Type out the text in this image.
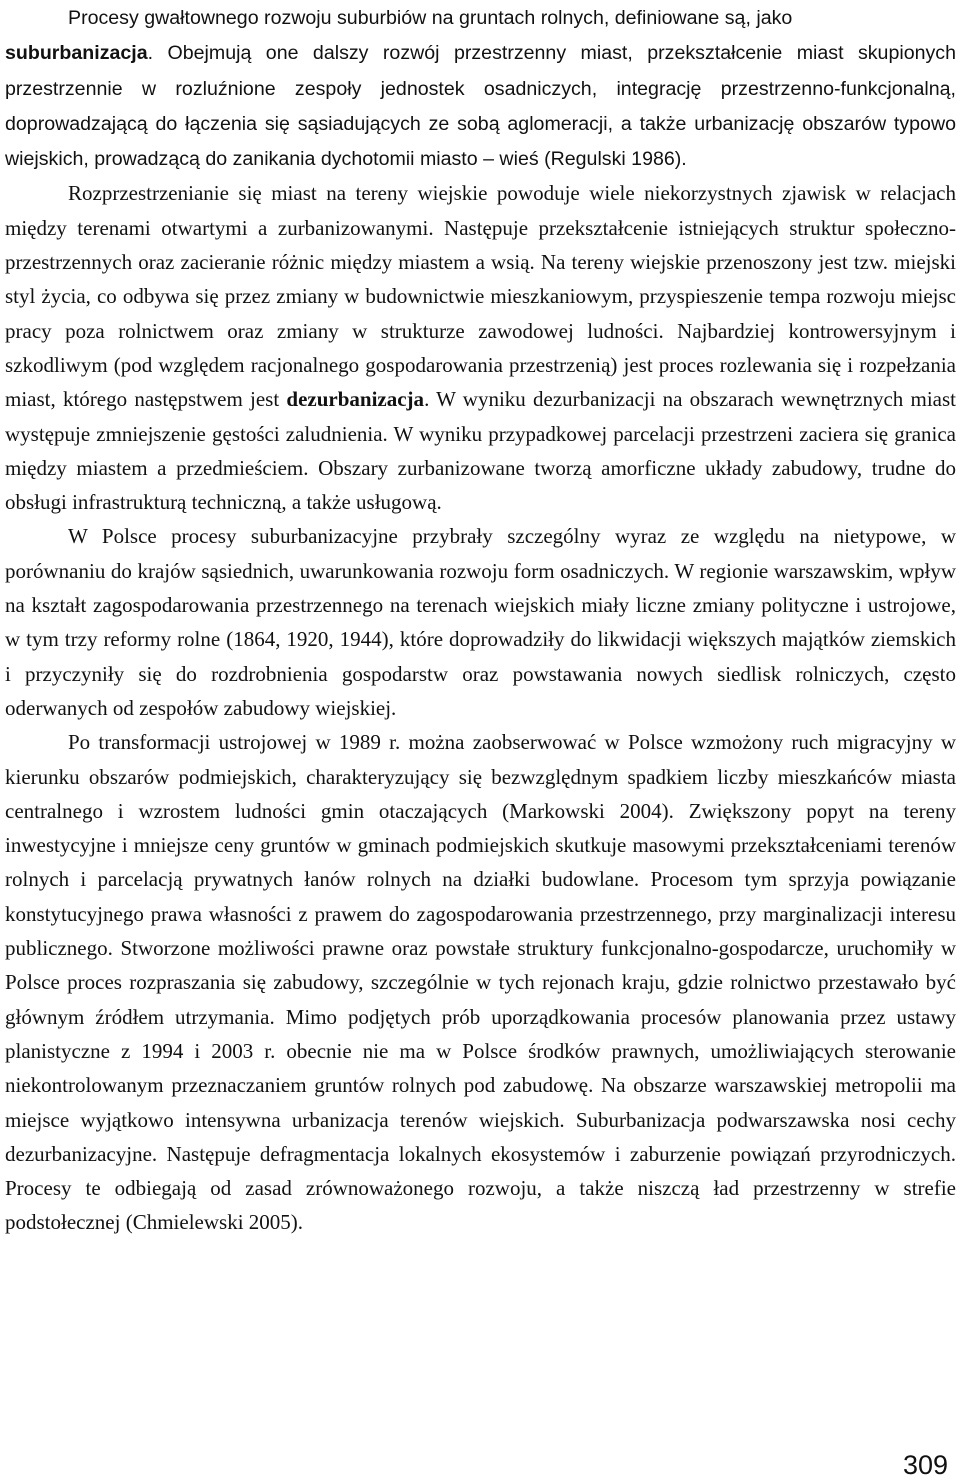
Procesy gwałtownego rozwoju suburbiów na gruntach rolnych, definiowane są, jako
suburbanizacja. Obejmują one dalszy rozwój przestrzenny miast, przekształcenie miast skupionych przestrzennie w rozluźnione zespoły jednostek osadniczych, integrację przestrzenno-funkcjonalną, doprowadzającą do łączenia się sąsiadujących ze sobą aglomeracji, a także urbanizację obszarów typowo wiejskich, prowadzącą do zanikania dychotomii miasto – wieś (Regulski 1986).

Rozprzestrzenianie się miast na tereny wiejskie powoduje wiele niekorzystnych zjawisk w relacjach między terenami otwartymi a zurbanizowanymi. Następuje przekształcenie istniejących struktur społeczno-przestrzennych oraz zacieranie różnic między miastem a wsią. Na tereny wiejskie przenoszony jest tzw. miejski styl życia, co odbywa się przez zmiany w budownictwie mieszkaniowym, przyspieszenie tempa rozwoju miejsc pracy poza rolnictwem oraz zmiany w strukturze zawodowej ludności. Najbardziej kontrowersyjnym i szkodliwym (pod względem racjonalnego gospodarowania przestrzenią) jest proces rozlewania się i rozpełzania miast, którego następstwem jest dezurbanizacja. W wyniku dezurbanizacji na obszarach wewnętrznych miast występuje zmniejszenie gęstości zaludnienia. W wyniku przypadkowej parcelacji przestrzeni zaciera się granica między miastem a przedmieściem. Obszary zurbanizowane tworzą amorficzne układy zabudowy, trudne do obsługi infrastrukturą techniczną, a także usługową.

W Polsce procesy suburbanizacyjne przybrały szczególny wyraz ze względu na nietypowe, w porównaniu do krajów sąsiednich, uwarunkowania rozwoju form osadniczych. W regionie warszawskim, wpływ na kształt zagospodarowania przestrzennego na terenach wiejskich miały liczne zmiany polityczne i ustrojowe, w tym trzy reformy rolne (1864, 1920, 1944), które doprowadziły do likwidacji większych majątków ziemskich i przyczyniły się do rozdrobnienia gospodarstw oraz powstawania nowych siedlisk rolniczych, często oderwanych od zespołów zabudowy wiejskiej.

Po transformacji ustrojowej w 1989 r. można zaobserwować w Polsce wzmożony ruch migracyjny w kierunku obszarów podmiejskich, charakteryzujący się bezwzględnym spadkiem liczby mieszkańców miasta centralnego i wzrostem ludności gmin otaczających (Markowski 2004). Zwiększony popyt na tereny inwestycyjne i mniejsze ceny gruntów w gminach podmiejskich skutkuje masowymi przekształceniami terenów rolnych i parcelacją prywatnych łanów rolnych na działki budowlane. Procesom tym sprzyja powiązanie konstytucyjnego prawa własności z prawem do zagospodarowania przestrzennego, przy marginalizacji interesu publicznego. Stworzone możliwości prawne oraz powstałe struktury funkcjonalno-gospodarcze, uruchomiły w Polsce proces rozpraszania się zabudowy, szczególnie w tych rejonach kraju, gdzie rolnictwo przestawało być głównym źródłem utrzymania. Mimo podjętych prób uporządkowania procesów planowania przez ustawy planistyczne z 1994 i 2003 r. obecnie nie ma w Polsce środków prawnych, umożliwiających sterowanie niekontrolowanym przeznaczaniem gruntów rolnych pod zabudowę. Na obszarze warszawskiej metropolii ma miejsce wyjątkowo intensywna urbanizacja terenów wiejskich. Suburbanizacja podwarszawska nosi cechy dezurbanizacyjne. Następuje defragmentacja lokalnych ekosystemów i zaburzenie powiązań przyrodniczych. Procesy te odbiegają od zasad zrównoważonego rozwoju, a także niszczą ład przestrzenny w strefie podstołecznej (Chmielewski 2005).

309
